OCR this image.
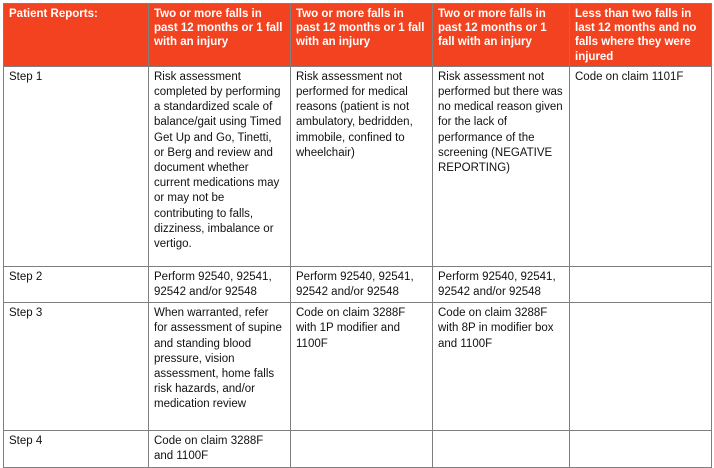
Patient Reports:	Two or more falls in past 12 months or 1 fall with an injury	Two or more falls in past 12 months or 1 fall with an injury	Two or more falls in past 12 months or 1 fall with an injury	Less than two falls in last 12 months and no falls where they were injured
Step 1	Risk assessment completed by performing a standardized scale of balance/gait using Timed Get Up and Go, Tinetti, or Berg and review and document whether current medications may or may not be contributing to falls, dizziness, imbalance or vertigo.	Risk assessment not performed for medical reasons (patient is not ambulatory, bedridden, immobile, confined to wheelchair)	Risk assessment not performed but there was no medical reason given for the lack of performance of the screening (NEGATIVE REPORTING)	Code on claim 1101F
Step 2	Perform 92540, 92541, 92542 and/or 92548	Perform 92540, 92541, 92542 and/or 92548	Perform 92540, 92541, 92542 and/or 92548	
Step 3	When warranted, refer for assessment of supine and standing blood pressure, vision assessment, home falls risk hazards, and/or medication review	Code on claim 3288F with 1P modifier and 1100F	Code on claim 3288F with 8P in modifier box and 1100F	
Step 4	Code on claim 3288F and 1100F			
